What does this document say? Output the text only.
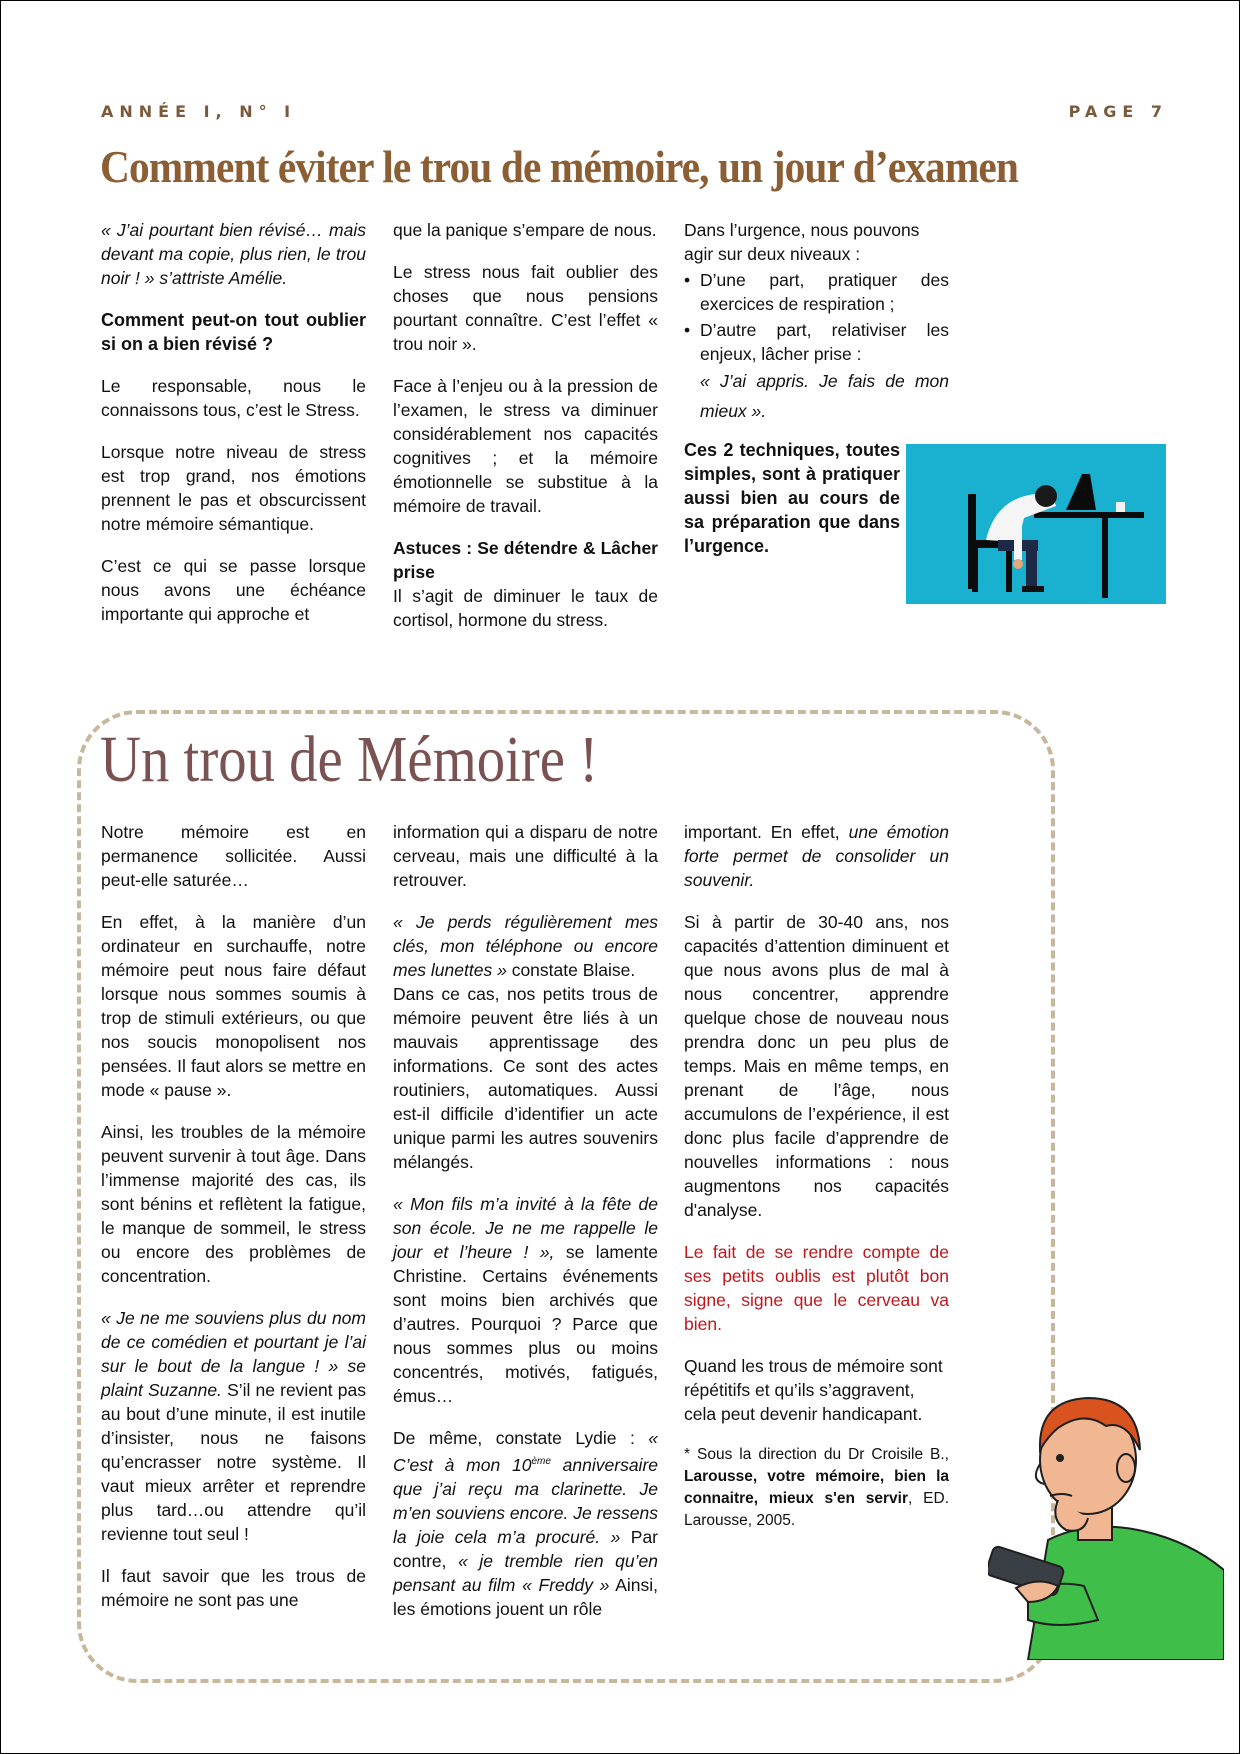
ANNÉE I, N° I	PAGE 7
Comment éviter le trou de mémoire, un jour d’examen

« J’ai pourtant bien révisé… mais devant ma copie, plus rien, le trou noir ! » s’attriste Amélie.

Comment peut-on tout oublier si on a bien révisé ?

Le responsable, nous le connaissons tous, c’est le Stress.

Lorsque notre niveau de stress est trop grand, nos émotions prennent le pas et obscurcissent notre mémoire sémantique.

C’est ce qui se passe lorsque nous avons une échéance importante qui approche et

que la panique s’empare de nous.

Le stress nous fait oublier des choses que nous pensions pourtant connaître. C’est l’effet « trou noir ».

Face à l’enjeu ou à la pression de l’examen, le stress va diminuer considérablement nos capacités cognitives ; et la mémoire émotionnelle se substitue à la mémoire de travail.

Astuces : Se détendre & Lâcher prise

Il s’agit de diminuer le taux de cortisol, hormone du stress.

Dans l’urgence, nous pouvons agir sur deux niveaux :

• D’une part, pratiquer des exercices de respiration ;
• D’autre part, relativiser les enjeux, lâcher prise :
« J’ai appris. Je fais de mon mieux ».
Ces 2 techniques, toutes simples, sont à pratiquer aussi bien au cours de sa préparation que dans l’urgence.
Un trou de Mémoire !

Notre mémoire est en permanence sollicitée. Aussi peut-elle saturée…

En effet, à la manière d’un ordinateur en surchauffe, notre mémoire peut nous faire défaut lorsque nous sommes soumis à trop de stimuli extérieurs, ou que nos soucis monopolisent nos pensées. Il faut alors se mettre en mode « pause ».

Ainsi, les troubles de la mémoire peuvent survenir à tout âge. Dans l’immense majorité des cas, ils sont bénins et reflètent la fatigue, le manque de sommeil, le stress ou encore des problèmes de concentration.

« Je ne me souviens plus du nom de ce comédien et pourtant je l’ai sur le bout de la langue ! » se plaint Suzanne. S’il ne revient pas au bout d’une minute, il est inutile d’insister, nous ne faisons qu’encrasser notre système. Il vaut mieux arrêter et reprendre plus tard…ou attendre qu’il revienne tout seul !

Il faut savoir que les trous de mémoire ne sont pas une

information qui a disparu de notre cerveau, mais une difficulté à la retrouver.

« Je perds régulièrement mes clés, mon téléphone ou encore mes lunettes » constate Blaise.

Dans ce cas, nos petits trous de mémoire peuvent être liés à un mauvais apprentissage des informations. Ce sont des actes routiniers, automatiques. Aussi est-il difficile d’identifier un acte unique parmi les autres souvenirs mélangés.

« Mon fils m’a invité à la fête de son école. Je ne me rappelle le jour et l’heure ! », se lamente Christine. Certains événements sont moins bien archivés que d’autres. Pourquoi ? Parce que nous sommes plus ou moins concentrés, motivés, fatigués, émus…

De même, constate Lydie : « C’est à mon 10ème anniversaire que j’ai reçu ma clarinette. Je m’en souviens encore. Je ressens la joie cela m’a procuré. » Par contre, « je tremble rien qu’en pensant au film « Freddy » Ainsi, les émotions jouent un rôle

important. En effet, une émotion forte permet de consolider un souvenir.

Si à partir de 30-40 ans, nos capacités d’attention diminuent et que nous avons plus de mal à nous concentrer, apprendre quelque chose de nouveau nous prendra donc un peu plus de temps. Mais en même temps, en prenant de l’âge, nous accumulons de l’expérience, il est donc plus facile d’apprendre de nouvelles informations : nous augmentons nos capacités d'analyse.

Le fait de se rendre compte de ses petits oublis est plutôt bon signe, signe que le cerveau va bien.

Quand les trous de mémoire sont répétitifs et qu’ils s’aggravent, cela peut devenir handicapant.

* Sous la direction du Dr Croisile B., Larousse, votre mémoire, bien la connaitre, mieux s'en servir, ED. Larousse, 2005.
